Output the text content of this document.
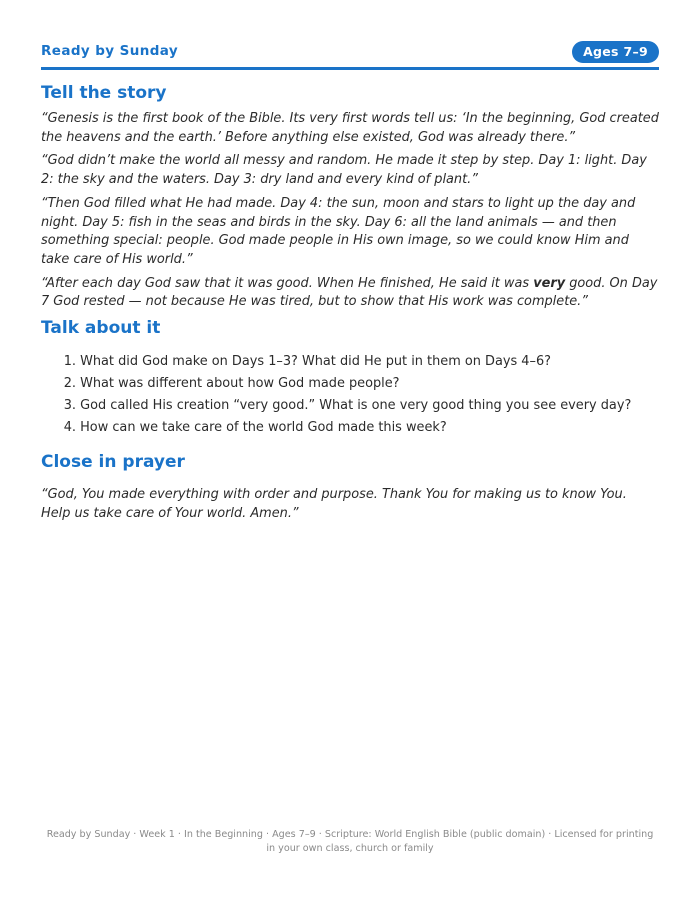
Ready by Sunday	Ages 7–9
Tell the story

“Genesis is the first book of the Bible. Its very first words tell us: ‘In the beginning, God created the heavens and the earth.’ Before anything else existed, God was already there.”

“God didn’t make the world all messy and random. He made it step by step. Day 1: light. Day 2: the sky and the waters. Day 3: dry land and every kind of plant.”

“Then God filled what He had made. Day 4: the sun, moon and stars to light up the day and night. Day 5: fish in the seas and birds in the sky. Day 6: all the land animals — and then something special: people. God made people in His own image, so we could know Him and take care of His world.”

“After each day God saw that it was good. When He finished, He said it was very good. On Day 7 God rested — not because He was tired, but to show that His work was complete.”

Talk about it
1. What did God make on Days 1–3? What did He put in them on Days 4–6?
2. What was different about how God made people?
3. God called His creation “very good.” What is one very good thing you see every day?
4. How can we take care of the world God made this week?
Close in prayer

“God, You made everything with order and purpose. Thank You for making us to know You. Help us take care of Your world. Amen.”

Ready by Sunday · Week 1 · In the Beginning · Ages 7–9 · Scripture: World English Bible (public domain) · Licensed for printing in your own class, church or family
